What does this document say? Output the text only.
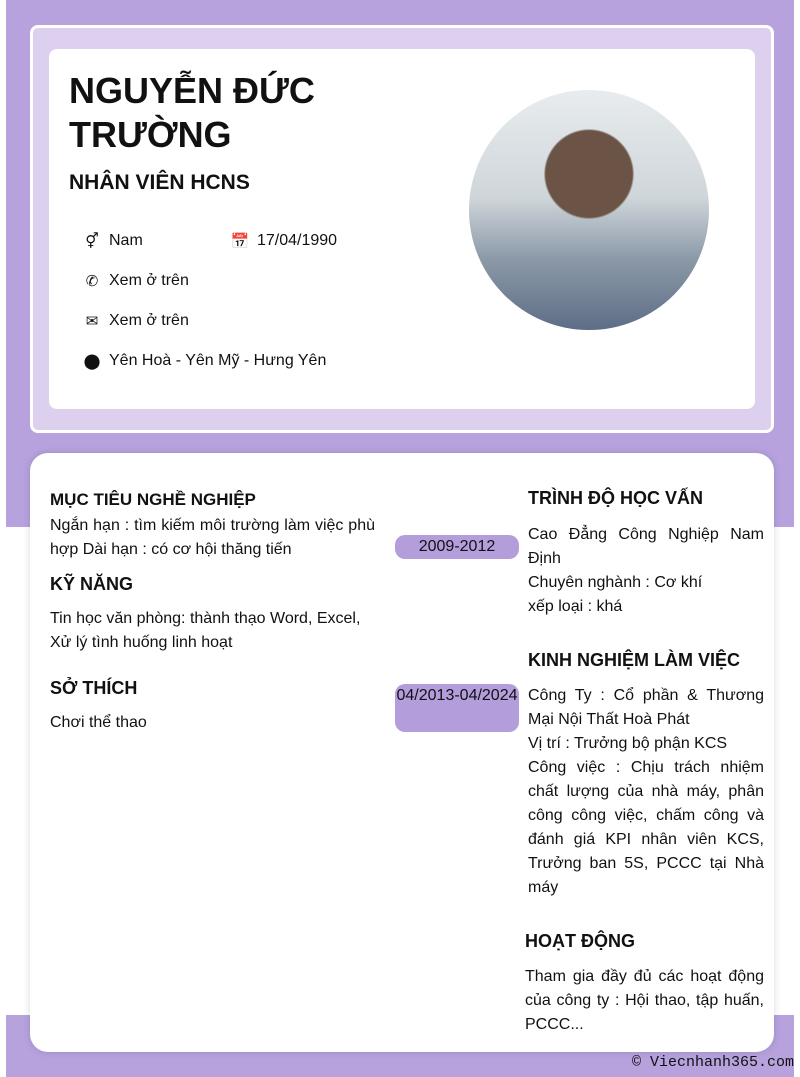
NGUYỄN ĐỨC TRƯỜNG
NHÂN VIÊN HCNS
⚥ Nam	📅 17/04/1990
✆ Xem ở trên
✉ Xem ở trên
⬤ Yên Hoà - Yên Mỹ - Hưng Yên
MỤC TIÊU NGHỀ NGHIỆP
Ngắn hạn : tìm kiếm môi trường làm việc phù hợp Dài hạn : có cơ hội thăng tiến
KỸ NĂNG
Tin học văn phòng: thành thạo Word, Excel, Xử lý tình huống linh hoạt
SỞ THÍCH
Chơi thể thao
2009-2012
TRÌNH ĐỘ HỌC VẤN
Cao Đẳng Công Nghiệp Nam Định
Chuyên nghành : Cơ khí
xếp loại : khá
04/2013-04/2024
KINH NGHIỆM LÀM VIỆC
Công Ty : Cổ phần & Thương Mại Nội Thất Hoà Phát
Vị trí : Trưởng bộ phận KCS
Công việc : Chịu trách nhiệm chất lượng của nhà máy, phân công công việc, chấm công và đánh giá KPI nhân viên KCS, Trưởng ban 5S, PCCC tại Nhà máy
HOẠT ĐỘNG
Tham gia đầy đủ các hoạt động của công ty : Hội thao, tập huấn, PCCC...
© Viecnhanh365.com
